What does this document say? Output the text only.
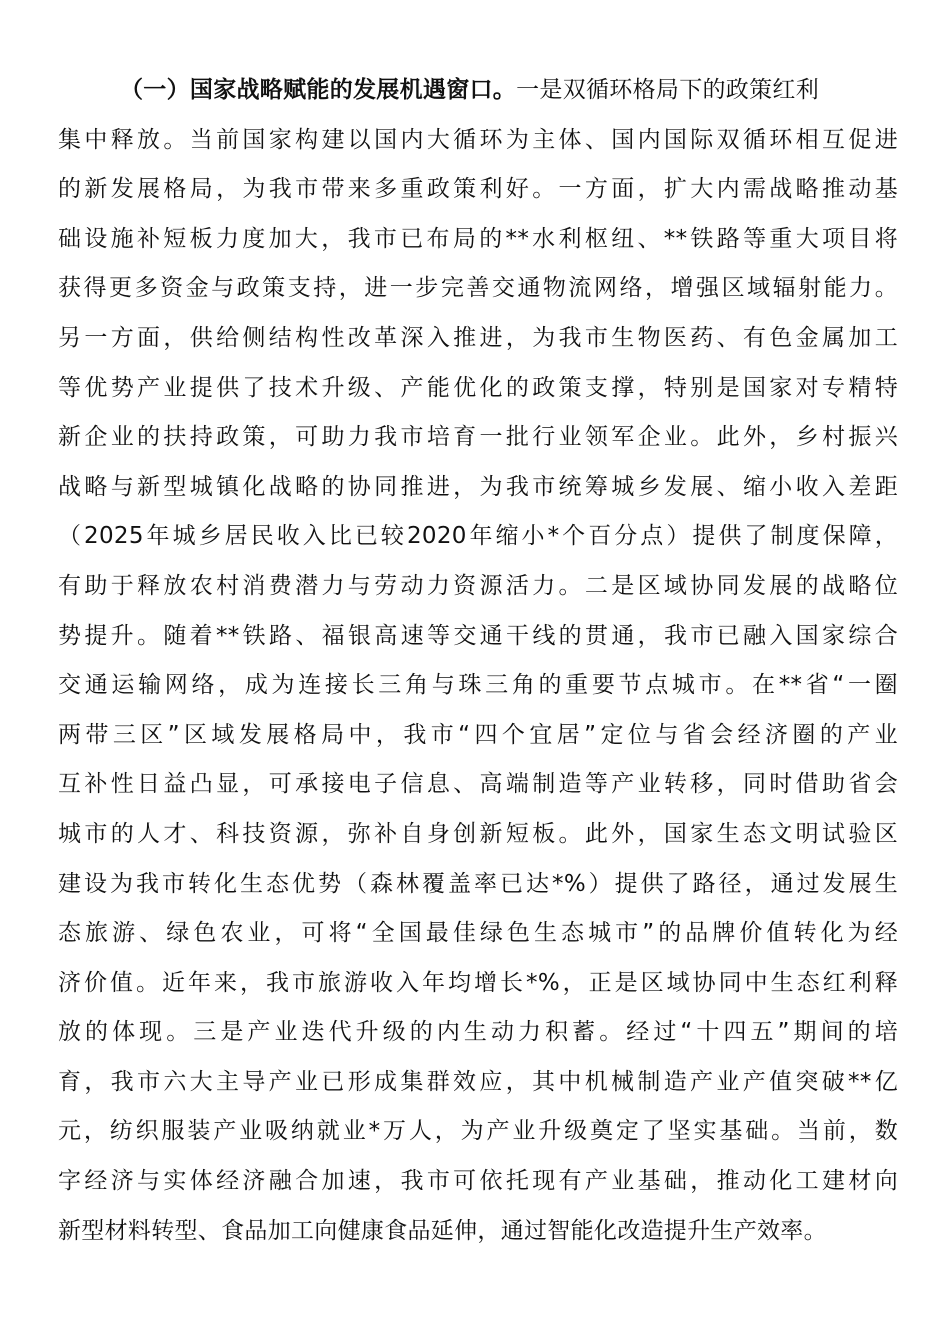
（一）国家战略赋能的发展机遇窗口。一是双循环格局下的政策红利
集中释放。当前国家构建以国内大循环为主体、国内国际双循环相互促进
的新发展格局，为我市带来多重政策利好。一方面，扩大内需战略推动基
础设施补短板力度加大，我市已布局的**水利枢纽、**铁路等重大项目将
获得更多资金与政策支持，进一步完善交通物流网络，增强区域辐射能力。
另一方面，供给侧结构性改革深入推进，为我市生物医药、有色金属加工
等优势产业提供了技术升级、产能优化的政策支撑，特别是国家对专精特
新企业的扶持政策，可助力我市培育一批行业领军企业。此外，乡村振兴
战略与新型城镇化战略的协同推进，为我市统筹城乡发展、缩小收入差距
（2025年城乡居民收入比已较2020年缩小*个百分点）提供了制度保障，
有助于释放农村消费潜力与劳动力资源活力。二是区域协同发展的战略位
势提升。随着**铁路、福银高速等交通干线的贯通，我市已融入国家综合
交通运输网络，成为连接长三角与珠三角的重要节点城市。在**省“一圈
两带三区”区域发展格局中，我市“四个宜居”定位与省会经济圈的产业
互补性日益凸显，可承接电子信息、高端制造等产业转移，同时借助省会
城市的人才、科技资源，弥补自身创新短板。此外，国家生态文明试验区
建设为我市转化生态优势（森林覆盖率已达*%）提供了路径，通过发展生
态旅游、绿色农业，可将“全国最佳绿色生态城市”的品牌价值转化为经
济价值。近年来，我市旅游收入年均增长*%，正是区域协同中生态红利释
放的体现。三是产业迭代升级的内生动力积蓄。经过“十四五”期间的培
育，我市六大主导产业已形成集群效应，其中机械制造产业产值突破**亿
元，纺织服装产业吸纳就业*万人，为产业升级奠定了坚实基础。当前，数
字经济与实体经济融合加速，我市可依托现有产业基础，推动化工建材向
新型材料转型、食品加工向健康食品延伸，通过智能化改造提升生产效率。
